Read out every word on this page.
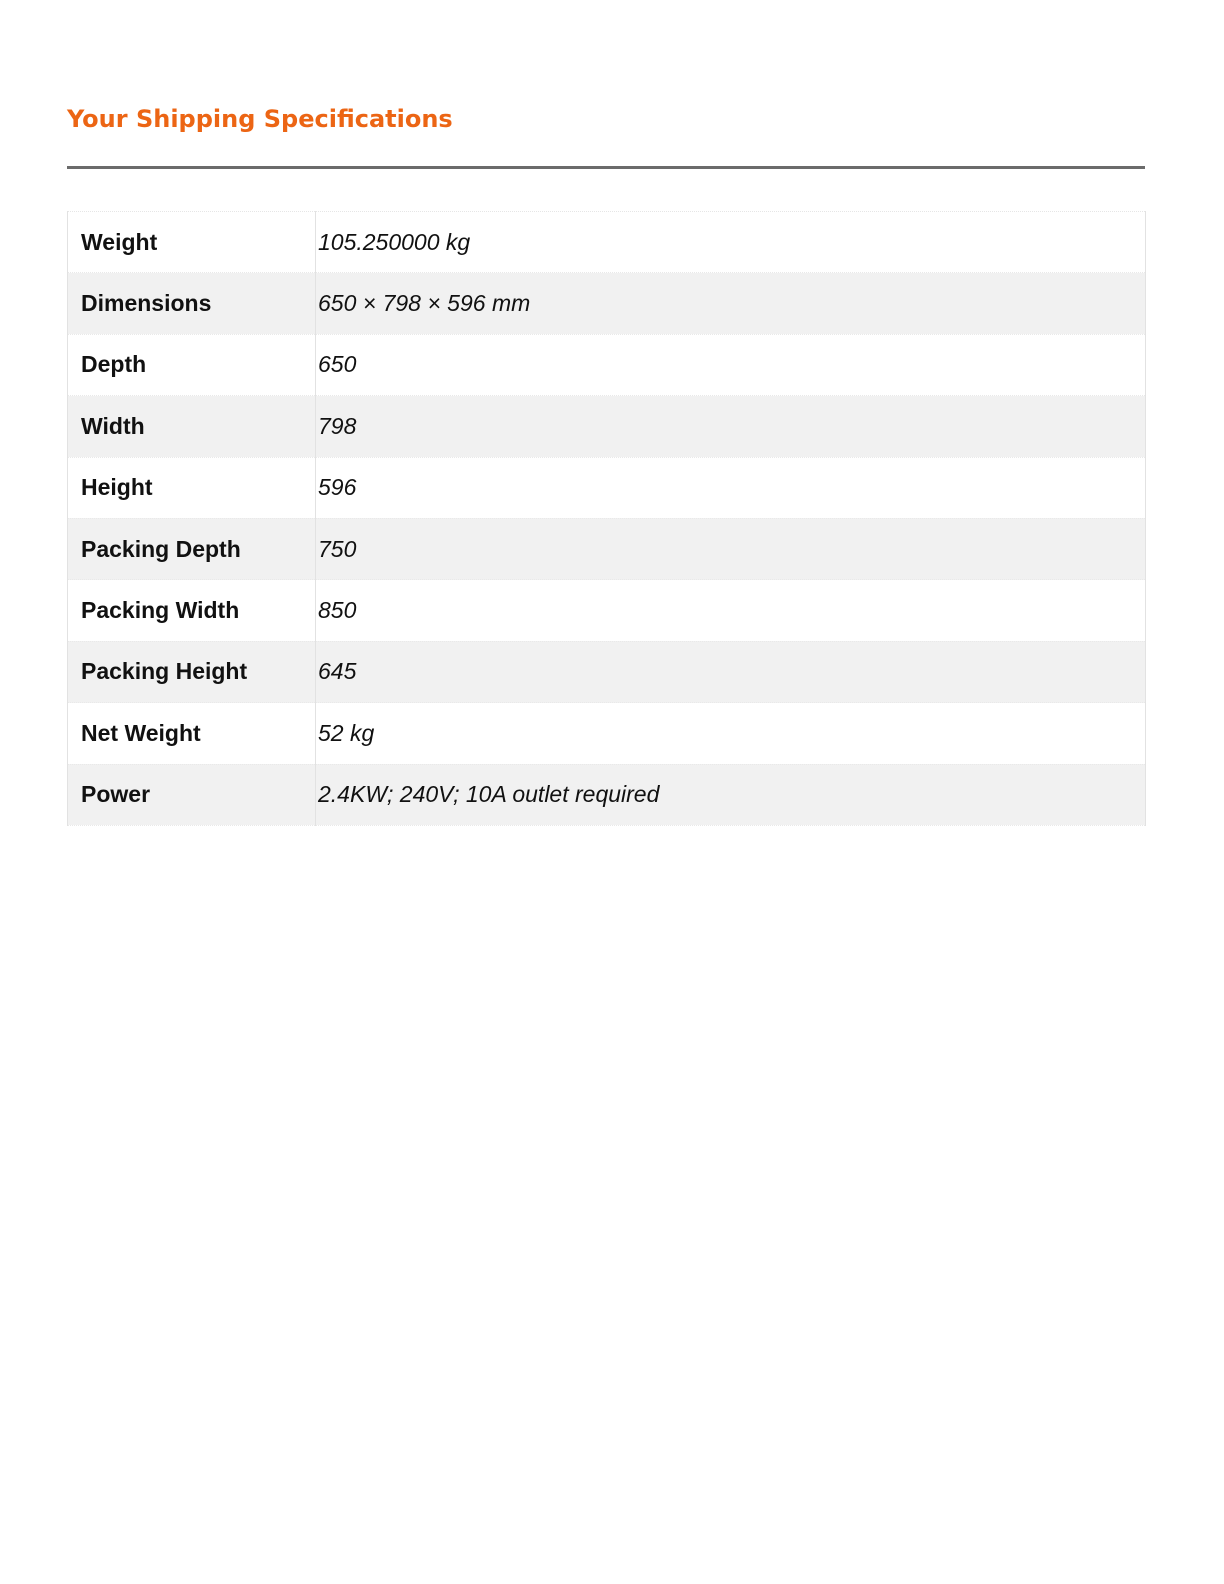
Your Shipping Specifications
Weight	105.250000 kg
Dimensions	650 × 798 × 596 mm
Depth	650
Width	798
Height	596
Packing Depth	750
Packing Width	850
Packing Height	645
Net Weight	52 kg
Power	2.4KW; 240V; 10A outlet required
